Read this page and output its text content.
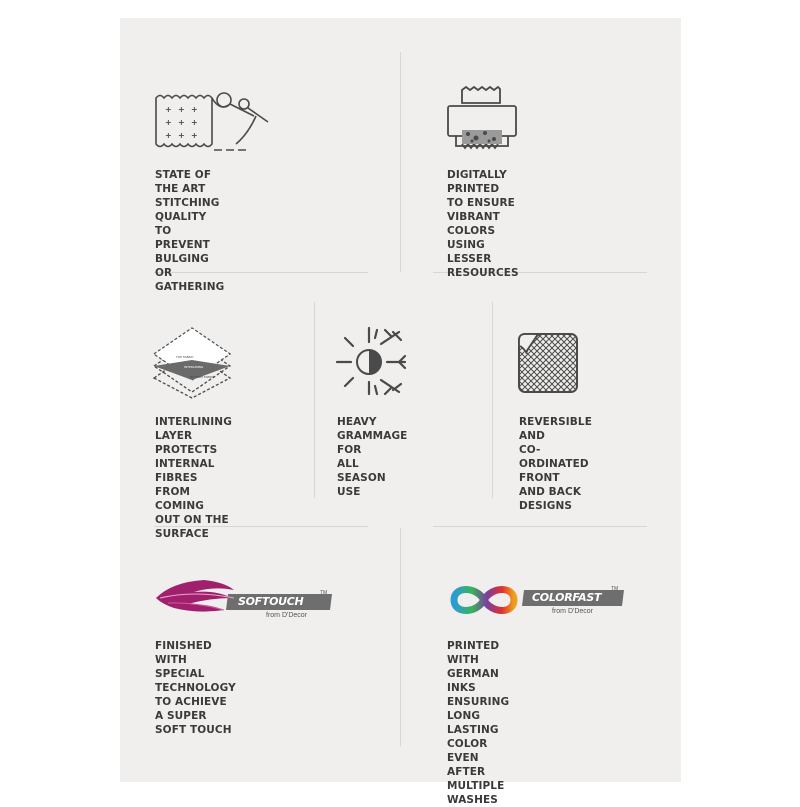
+ + +
+ + +
+ + +

STATE OF THE ART STITCHING
QUALITY TO PREVENT
BULGING OR GATHERING

DIGITALLY PRINTED TO ENSURE
VIBRANT COLORS USING
LESSER RESOURCES

TOP FABRIC
INTERLINING
BOTTOM FABRIC

INTERLINING LAYER
PROTECTS INTERNAL
FIBRES FROM COMING
OUT ON THE SURFACE

HEAVY GRAMMAGE FOR
ALL SEASON USE

REVERSIBLE AND
CO-ORDINATED FRONT
AND BACK DESIGNS

SOFTOUCH
TM
from D'Decor

FINISHED WITH SPECIAL
TECHNOLOGY TO ACHIEVE
A SUPER SOFT TOUCH

COLORFAST
TM
from D'Decor

PRINTED WITH GERMAN INKS
ENSURING LONG LASTING COLOR
EVEN AFTER MULTIPLE WASHES
